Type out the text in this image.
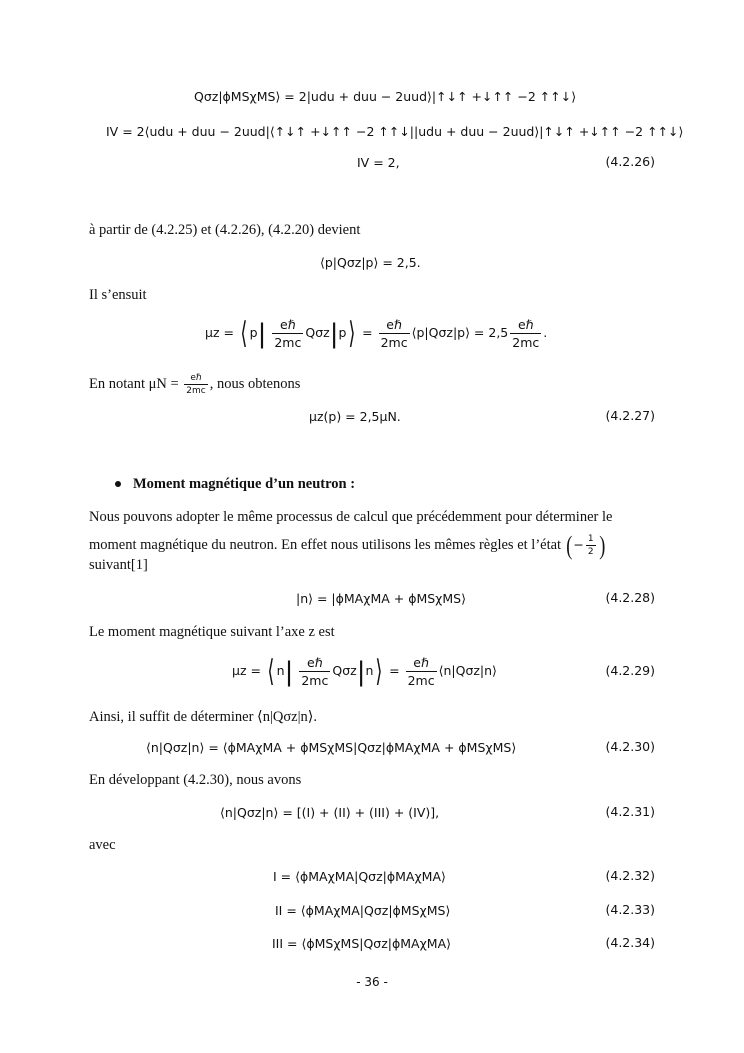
Qσz|ϕMSχMS⟩ = 2|udu + duu − 2uud⟩|↑↓↑ +↓↑↑ −2 ↑↑↓⟩
IV = 2⟨udu + duu − 2uud|⟨↑↓↑ +↓↑↑ −2 ↑↑↓||udu + duu − 2uud⟩|↑↓↑ +↓↑↑ −2 ↑↑↓⟩
IV = 2,	(4.2.26)
à partir de (4.2.25) et (4.2.26), (4.2.20) devient
⟨p|Qσz|p⟩ = 2,5.
Il s’ensuit
μz = ⟨ $p| \frac{\text{eℏ}}{2mc}$ Qσz|p⟩ = $\frac{\text{eℏ}}{2mc}$ ⟨p|Qσz|p⟩ = $2,5 \frac{\text{eℏ}}{2mc}$ .
En notant $\mu N = \frac{\text{eℏ}}{2mc}$ , nous obtenons
μz(p) = 2,5μN.	(4.2.27)
Moment magnétique d’un neutron :
Nous pouvons adopter le même processus de calcul que précédemment pour déterminer le
moment magnétique du neutron. En effet nous utilisons les mêmes règles et l’état (− $\frac{1}{2}$ )
suivant[1]
|n⟩ = |ϕMAχMA + ϕMSχMS⟩	(4.2.28)
Le moment magnétique suivant l’axe z est
μz = ⟨ $n| \frac{\text{eℏ}}{2mc}$ Qσz|n⟩ = $\frac{\text{eℏ}}{2mc}$ ⟨n|Qσz|n⟩	(4.2.29)
Ainsi, il suffit de déterminer ⟨n|Qσz|n⟩.
⟨n|Qσz|n⟩ = ⟨ϕMAχMA + ϕMSχMS|Qσz|ϕMAχMA + ϕMSχMS⟩	(4.2.30)
En développant (4.2.30), nous avons
⟨n|Qσz|n⟩ = [(I) + (II) + (III) + (IV)],	(4.2.31)
avec
I = ⟨ϕMAχMA|Qσz|ϕMAχMA⟩	(4.2.32)
II = ⟨ϕMAχMA|Qσz|ϕMSχMS⟩	(4.2.33)
III = ⟨ϕMSχMS|Qσz|ϕMAχMA⟩	(4.2.34)
- 36 -
